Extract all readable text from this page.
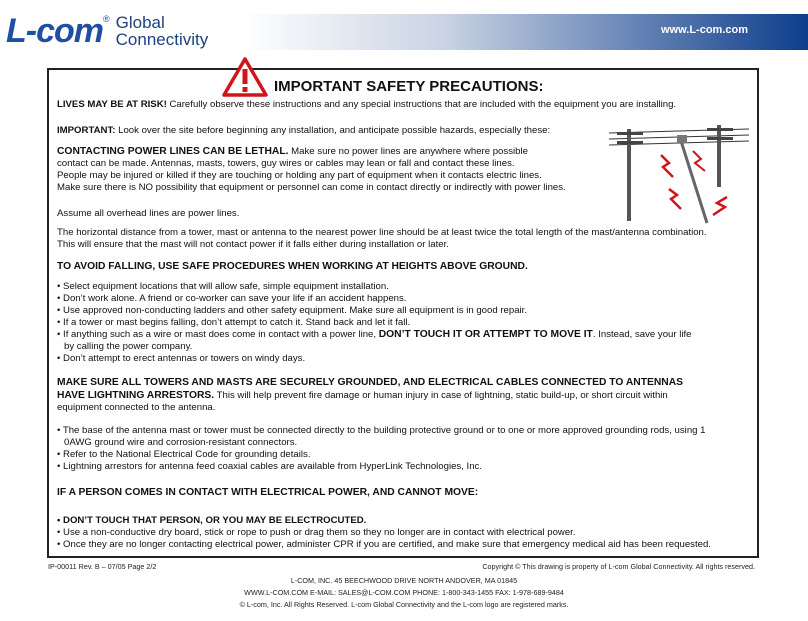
L-com ® Global
Connectivity	www.L-com.com
IMPORTANT SAFETY PRECAUTIONS:
LIVES MAY BE AT RISK! Carefully observe these instructions and any special instructions that are included with the equipment you are installing.
IMPORTANT: Look over the site before beginning any installation, and anticipate possible hazards, especially these:
CONTACTING POWER LINES CAN BE LETHAL. Make sure no power lines are anywhere where possible
contact can be made. Antennas, masts, towers, guy wires or cables may lean or fall and contact these lines.
People may be injured or killed if they are touching or holding any part of equipment when it contacts electric lines.
Make sure there is NO possibility that equipment or personnel can come in contact directly or indirectly with power lines.
Assume all overhead lines are power lines.
The horizontal distance from a tower, mast or antenna to the nearest power line should be at least twice the total length of the mast/antenna combination.
This will ensure that the mast will not contact power if it falls either during installation or later.
TO AVOID FALLING, USE SAFE PROCEDURES WHEN WORKING AT HEIGHTS ABOVE GROUND.
• Select equipment locations that will allow safe, simple equipment installation.
• Don’t work alone. A friend or co-worker can save your life if an accident happens.
• Use approved non-conducting ladders and other safety equipment. Make sure all equipment is in good repair.
• If a tower or mast begins falling, don’t attempt to catch it. Stand back and let it fall.
• If anything such as a wire or mast does come in contact with a power line, DON’T TOUCH IT OR ATTEMPT TO MOVE IT. Instead, save your life
by calling the power company.
• Don’t attempt to erect antennas or towers on windy days.
MAKE SURE ALL TOWERS AND MASTS ARE SECURELY GROUNDED, AND ELECTRICAL CABLES CONNECTED TO ANTENNAS
HAVE LIGHTNING ARRESTORS. This will help prevent fire damage or human injury in case of lightning, static build-up, or short circuit within
equipment connected to the antenna.
• The base of the antenna mast or tower must be connected directly to the building protective ground or to one or more approved grounding rods, using 1
0AWG ground wire and corrosion-resistant connectors.
• Refer to the National Electrical Code for grounding details.
• Lightning arrestors for antenna feed coaxial cables are available from HyperLink Technologies, Inc.
IF A PERSON COMES IN CONTACT WITH ELECTRICAL POWER, AND CANNOT MOVE:
• DON’T TOUCH THAT PERSON, OR YOU MAY BE ELECTROCUTED.
• Use a non-conductive dry board, stick or rope to push or drag them so they no longer are in contact with electrical power.
• Once they are no longer contacting electrical power, administer CPR if you are certified, and make sure that emergency medical aid has been requested.
IP-00011 Rev. B – 07/05 Page 2/2	Copyright © This drawing is property of L-com Global Connectivity. All rights reserved.
L-COM, INC. 45 BEECHWOOD DRIVE NORTH ANDOVER, MA 01845
WWW.L-COM.COM E-MAIL: SALES@L-COM.COM PHONE: 1-800-343-1455 FAX: 1-978-689-9484
© L-com, Inc. All Rights Reserved. L-com Global Connectivity and the L-com logo are registered marks.
